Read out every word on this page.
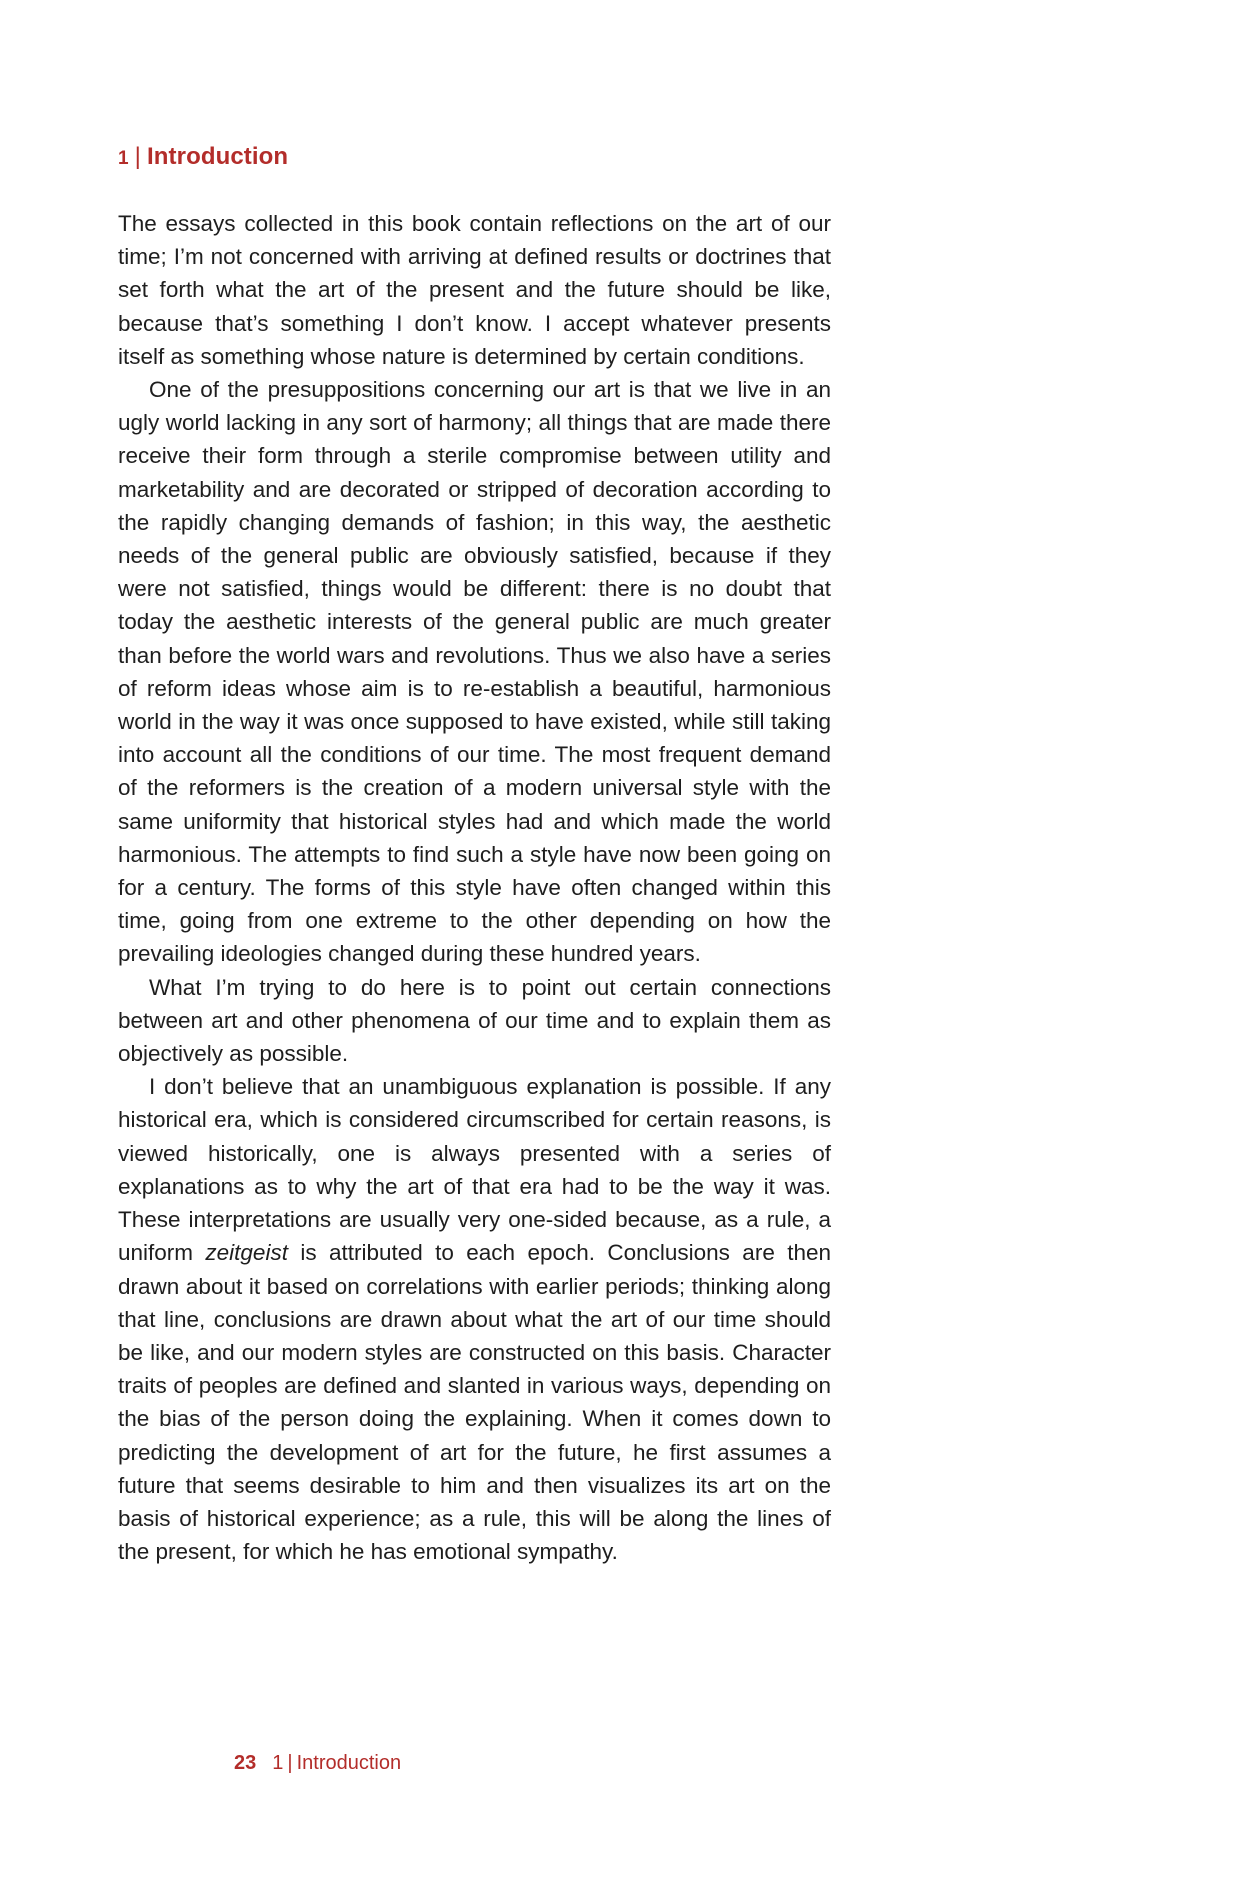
1 | Introduction

The essays collected in this book contain reflections on the art of our time; I’m not concerned with arriving at defined results or doctrines that set forth what the art of the present and the future should be like, because that’s something I don’t know. I accept whatever presents itself as something whose nature is determined by certain conditions.

One of the presuppositions concerning our art is that we live in an ugly world lacking in any sort of harmony; all things that are made there receive their form through a sterile compromise between utility and marketability and are decorated or stripped of decoration according to the rapidly changing demands of fashion; in this way, the aesthetic needs of the general public are obviously satisfied, because if they were not satisfied, things would be different: there is no doubt that today the aesthetic interests of the general public are much greater than before the world wars and revolutions. Thus we also have a series of reform ideas whose aim is to re-establish a beautiful, harmonious world in the way it was once supposed to have existed, while still taking into account all the conditions of our time. The most frequent demand of the reformers is the creation of a modern universal style with the same uniformity that historical styles had and which made the world harmonious. The attempts to find such a style have now been going on for a century. The forms of this style have often changed within this time, going from one extreme to the other depending on how the prevailing ideologies changed during these hundred years.

What I’m trying to do here is to point out certain connections between art and other phenomena of our time and to explain them as objectively as possible.

I don’t believe that an unambiguous explanation is possible. If any historical era, which is considered circumscribed for certain reasons, is viewed historically, one is always presented with a series of explanations as to why the art of that era had to be the way it was. These interpretations are usually very one-sided because, as a rule, a uniform zeitgeist is attributed to each epoch. Conclusions are then drawn about it based on correlations with earlier periods; thinking along that line, conclusions are drawn about what the art of our time should be like, and our modern styles are constructed on this basis. Character traits of peoples are defined and slanted in various ways, depending on the bias of the person doing the explaining. When it comes down to predicting the development of art for the future, he first assumes a future that seems desirable to him and then visualizes its art on the basis of historical experience; as a rule, this will be along the lines of the present, for which he has emotional sympathy.

23 1 | Introduction
